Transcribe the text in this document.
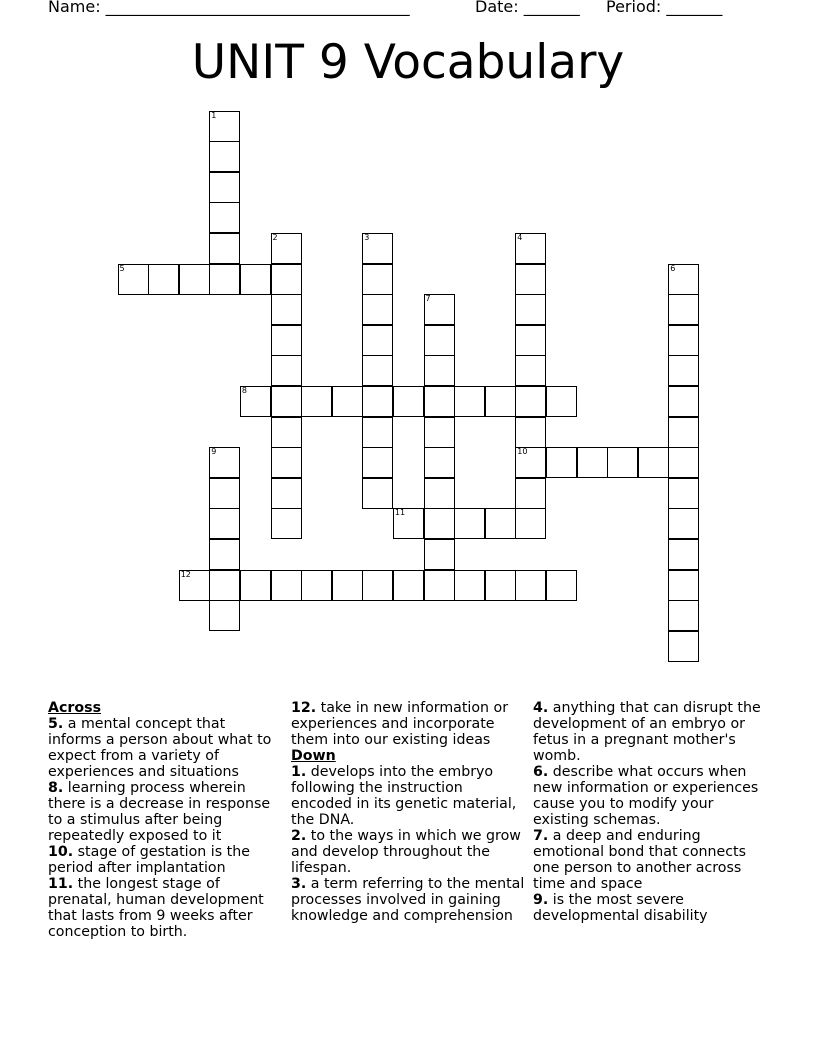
Name: ______________________________________	Date: _______ Period: _______
UNIT 9 Vocabulary
1
2	3	4
10
5	6
7
8
9
11
12
Across
5. a mental concept that informs a person about what to expect from a variety of experiences and situations
8. learning process wherein there is a decrease in response to a stimulus after being repeatedly exposed to it
10. stage of gestation is the period after implantation
11. the longest stage of prenatal, human development that lasts from 9 weeks after conception to birth.
12. take in new information or experiences and incorporate them into our existing ideas
Down
1. develops into the embryo following the instruction encoded in its genetic material, the DNA.
2. to the ways in which we grow and develop throughout the lifespan.
3. a term referring to the mental processes involved in gaining knowledge and comprehension
4. anything that can disrupt the development of an embryo or fetus in a pregnant mother's womb.
6. describe what occurs when new information or experiences cause you to modify your existing schemas.
7. a deep and enduring emotional bond that connects one person to another across time and space
9. is the most severe developmental disability
